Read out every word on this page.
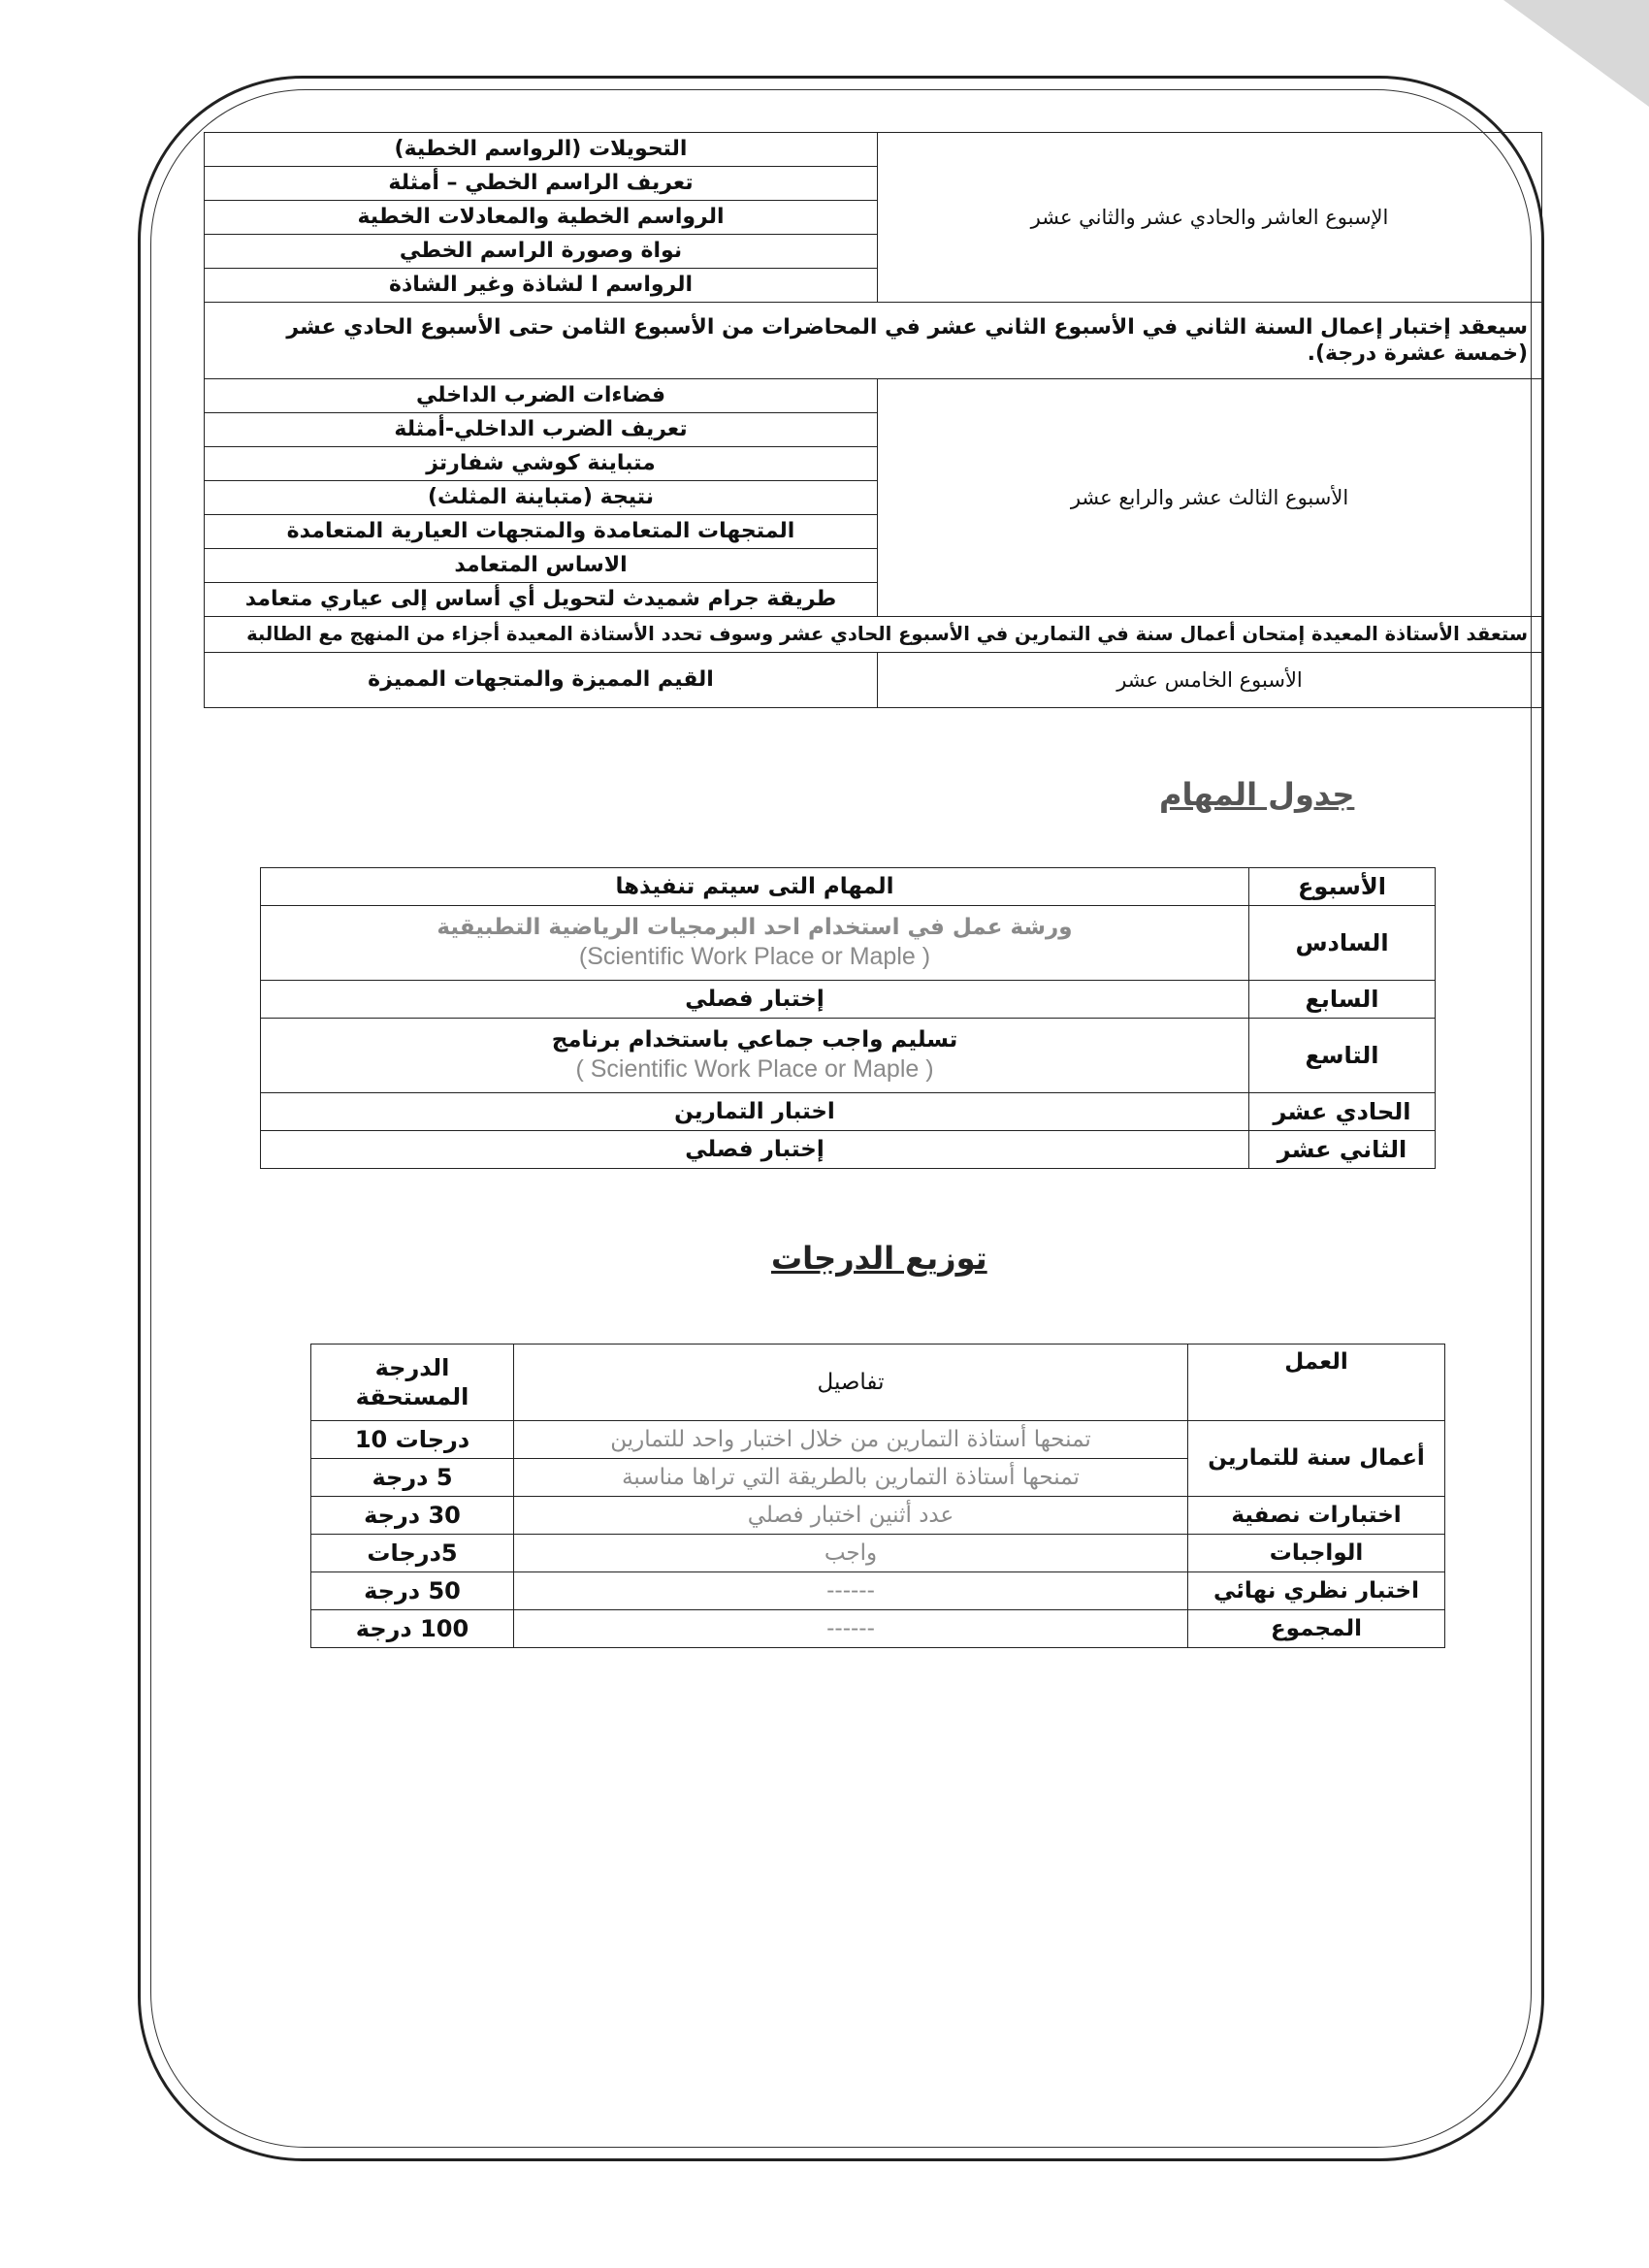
الإسبوع العاشر والحادي عشر والثاني عشر	التحويلات (الرواسم الخطية)
	تعريف الراسم الخطي – أمثلة
	الرواسم الخطية والمعادلات الخطية
	نواة وصورة الراسم الخطي
	الرواسم ا لشاذة وغير الشاذة
سيعقد إختبار إعمال السنة الثاني في الأسبوع الثاني عشر في المحاضرات من الأسبوع الثامن حتى الأسبوع الحادي عشر (خمسة عشرة درجة).	
الأسبوع الثالث عشر والرابع عشر	فضاءات الضرب الداخلي
	تعريف الضرب الداخلي-أمثلة
	متباينة كوشي شفارتز
	نتيجة (متباينة المثلث)
	المتجهات المتعامدة والمتجهات العيارية المتعامدة
	الاساس المتعامد
	طريقة جرام شميدث لتحويل أي أساس إلى عياري متعامد
ستعقد الأستاذة المعيدة إمتحان أعمال سنة في التمارين في الأسبوع الحادي عشر وسوف تحدد الأستاذة المعيدة أجزاء من المنهج مع الطالبة	
الأسبوع الخامس عشر	القيم المميزة والمتجهات المميزة
جدول المهام
الأسبوع	المهام التى سيتم تنفيذها
السادس	ورشة عمل في استخدام احد البرمجيات الرياضية التطبيقية
(Scientific Work Place or Maple )

السابع	إختبار فصلي
التاسع	تسليم واجب جماعي باستخدام برنامج
( Scientific Work Place or Maple )

الحادي عشر	اختبار التمارين
الثاني عشر	إختبار فصلي
توزيع الدرجات
العمل	تفاصيل	الدرجة المستحقة
أعمال سنة للتمارين	تمنحها أستاذة التمارين من خلال اختبار واحد للتمارين	10 درجات
	تمنحها أستاذة التمارين بالطريقة التي تراها مناسبة	5 درجة
اختبارات نصفية	عدد أثنين اختبار فصلي	30 درجة
الواجبات	واجب	5درجات
اختبار نظري نهائي	------	50 درجة
المجموع	------	100 درجة
